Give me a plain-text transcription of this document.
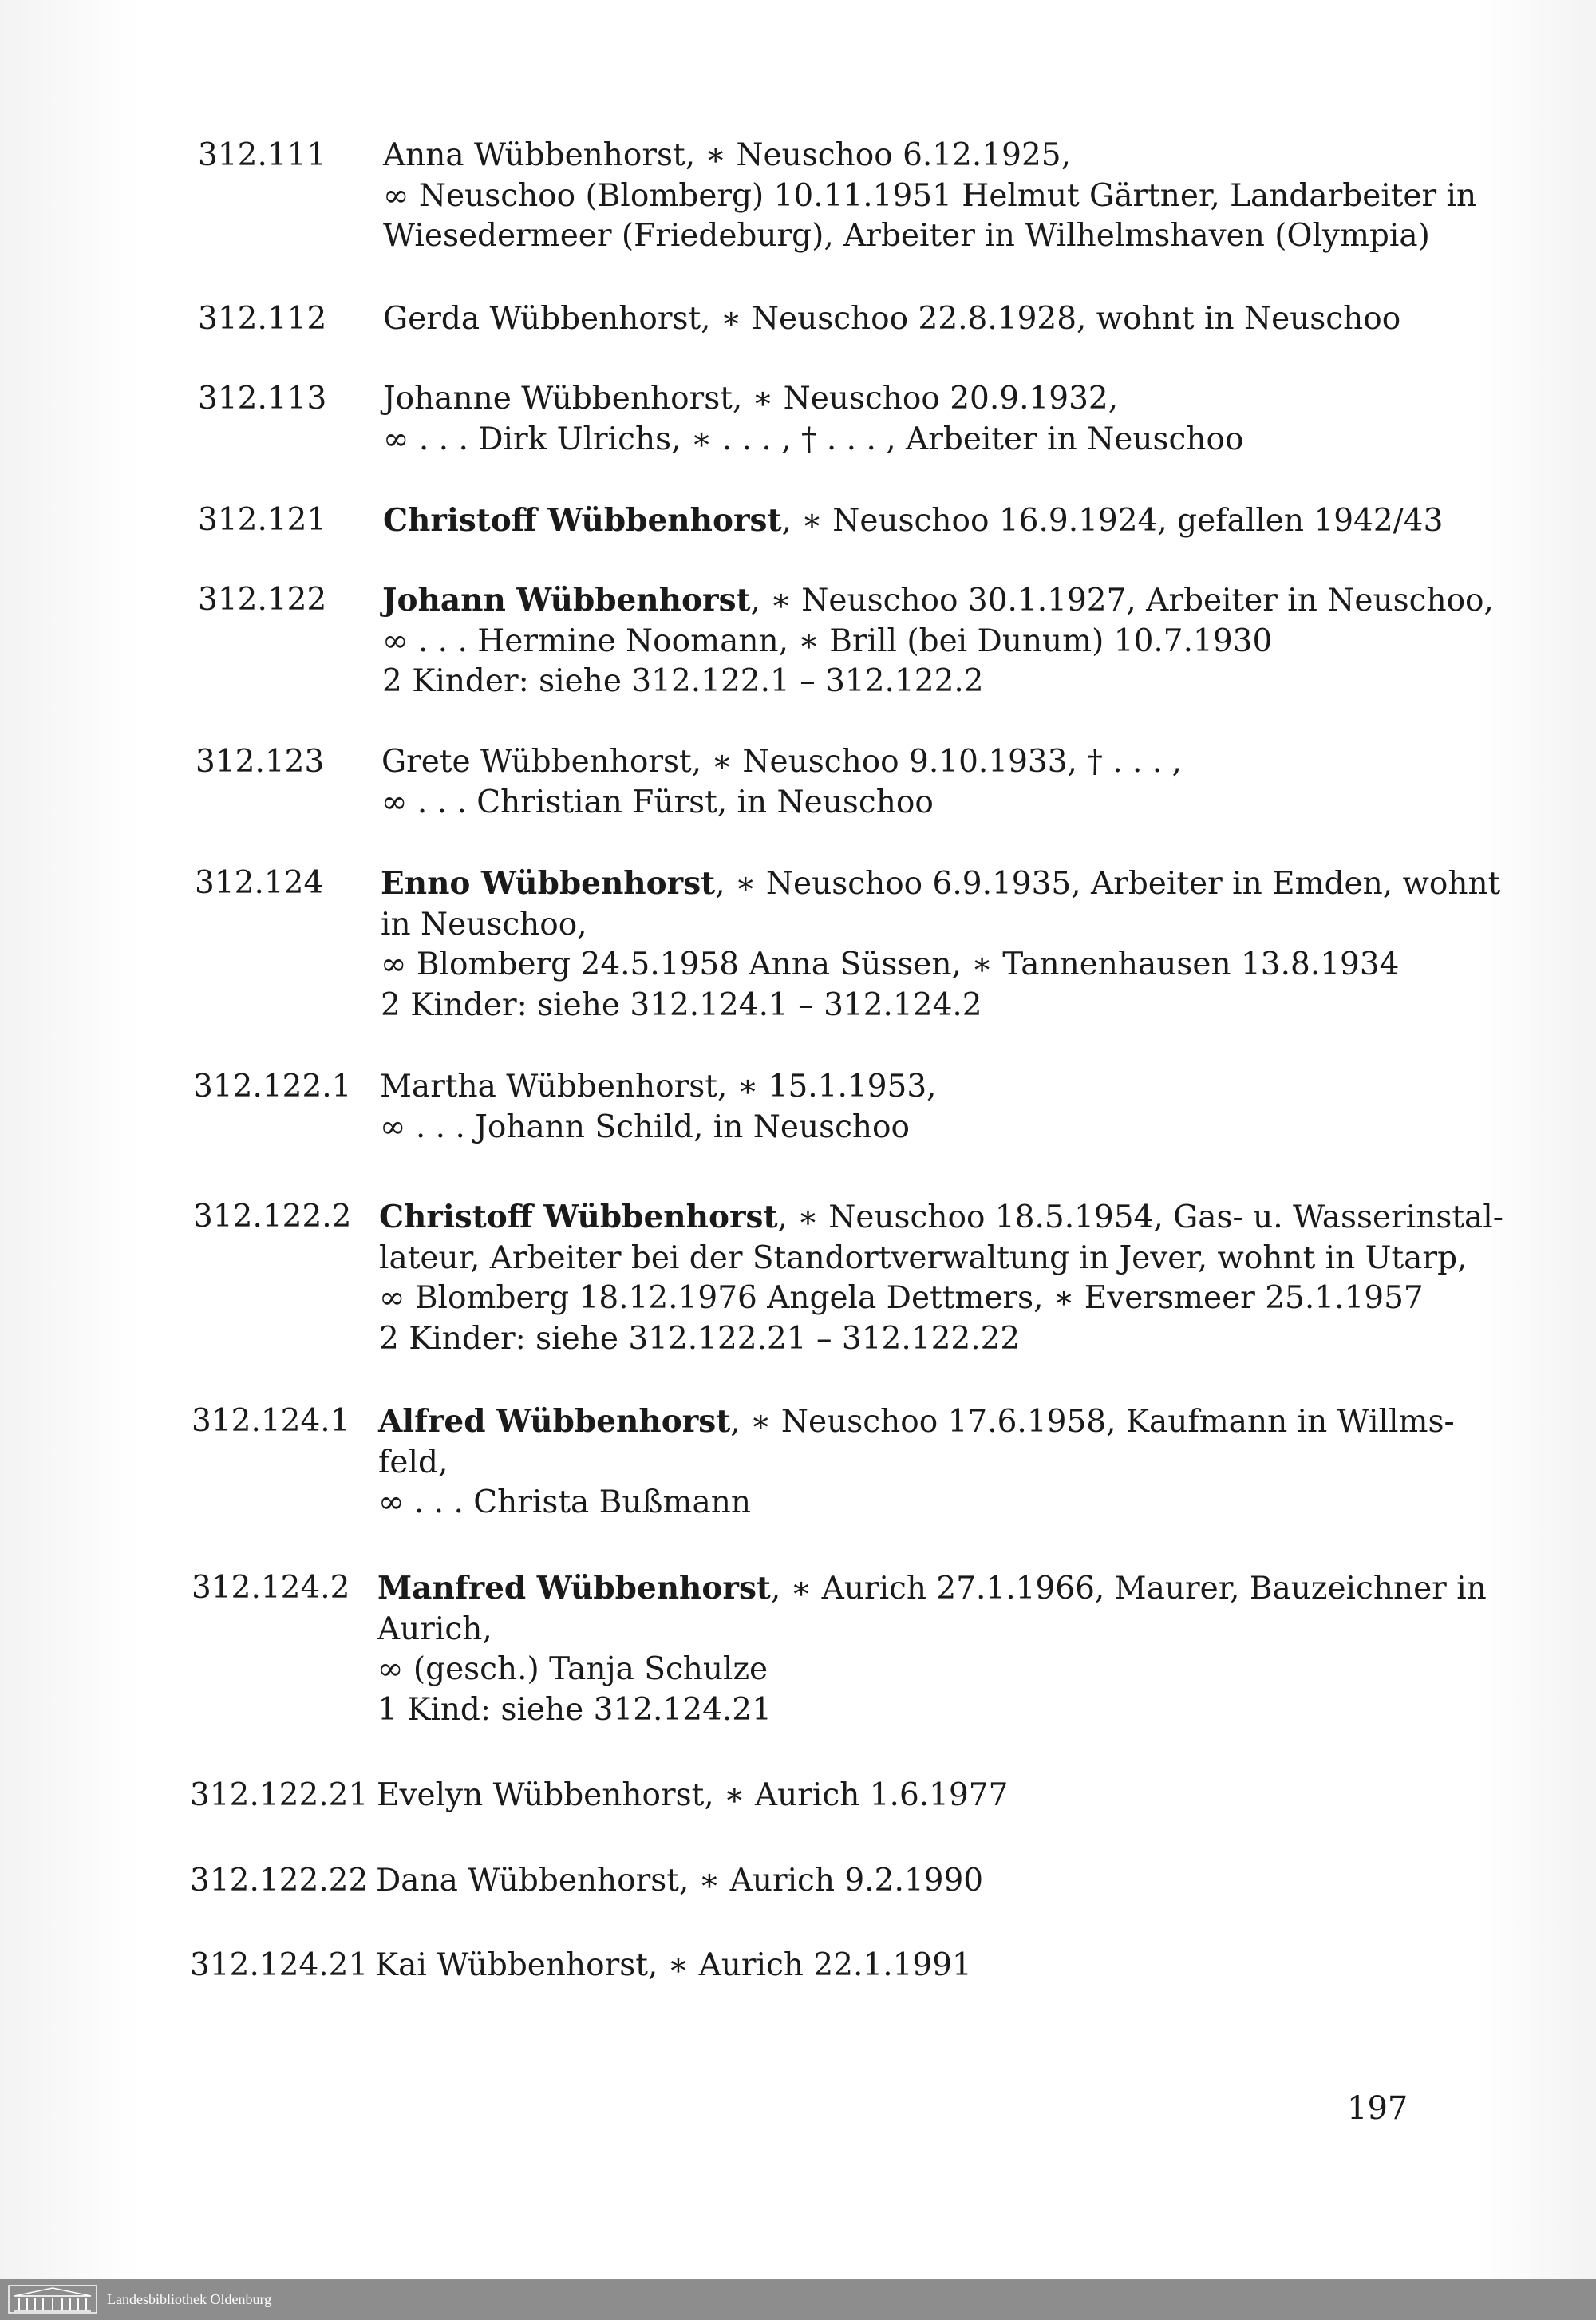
312.111 Anna Wübbenhorst, ∗ Neuschoo 6.12.1925,
∞ Neuschoo (Blomberg) 10.11.1951 Helmut Gärtner, Landarbeiter in
Wiesedermeer (Friedeburg), Arbeiter in Wilhelmshaven (Olympia)
312.112 Gerda Wübbenhorst, ∗ Neuschoo 22.8.1928, wohnt in Neuschoo
312.113 Johanne Wübbenhorst, ∗ Neuschoo 20.9.1932,
∞ . . . Dirk Ulrichs, ∗ . . . , † . . . , Arbeiter in Neuschoo
312.121 Christoff Wübbenhorst, ∗ Neuschoo 16.9.1924, gefallen 1942/43
312.122 Johann Wübbenhorst, ∗ Neuschoo 30.1.1927, Arbeiter in Neuschoo,
∞ . . . Hermine Noomann, ∗ Brill (bei Dunum) 10.7.1930
2 Kinder: siehe 312.122.1 – 312.122.2
312.123 Grete Wübbenhorst, ∗ Neuschoo 9.10.1933, † . . . ,
∞ . . . Christian Fürst, in Neuschoo
312.124 Enno Wübbenhorst, ∗ Neuschoo 6.9.1935, Arbeiter in Emden, wohnt
in Neuschoo,
∞ Blomberg 24.5.1958 Anna Süssen, ∗ Tannenhausen 13.8.1934
2 Kinder: siehe 312.124.1 – 312.124.2
312.122.1 Martha Wübbenhorst, ∗ 15.1.1953,
∞ . . . Johann Schild, in Neuschoo
312.122.2 Christoff Wübbenhorst, ∗ Neuschoo 18.5.1954, Gas- u. Wasserinstal-
lateur, Arbeiter bei der Standortverwaltung in Jever, wohnt in Utarp,
∞ Blomberg 18.12.1976 Angela Dettmers, ∗ Eversmeer 25.1.1957
2 Kinder: siehe 312.122.21 – 312.122.22
312.124.1 Alfred Wübbenhorst, ∗ Neuschoo 17.6.1958, Kaufmann in Willms-
feld,
∞ . . . Christa Bußmann
312.124.2 Manfred Wübbenhorst, ∗ Aurich 27.1.1966, Maurer, Bauzeichner in
Aurich,
∞ (gesch.) Tanja Schulze
1 Kind: siehe 312.124.21
312.122.21 Evelyn Wübbenhorst, ∗ Aurich 1.6.1977
312.122.22 Dana Wübbenhorst, ∗ Aurich 9.2.1990
312.124.21 Kai Wübbenhorst, ∗ Aurich 22.1.1991
197
Landesbibliothek Oldenburg
